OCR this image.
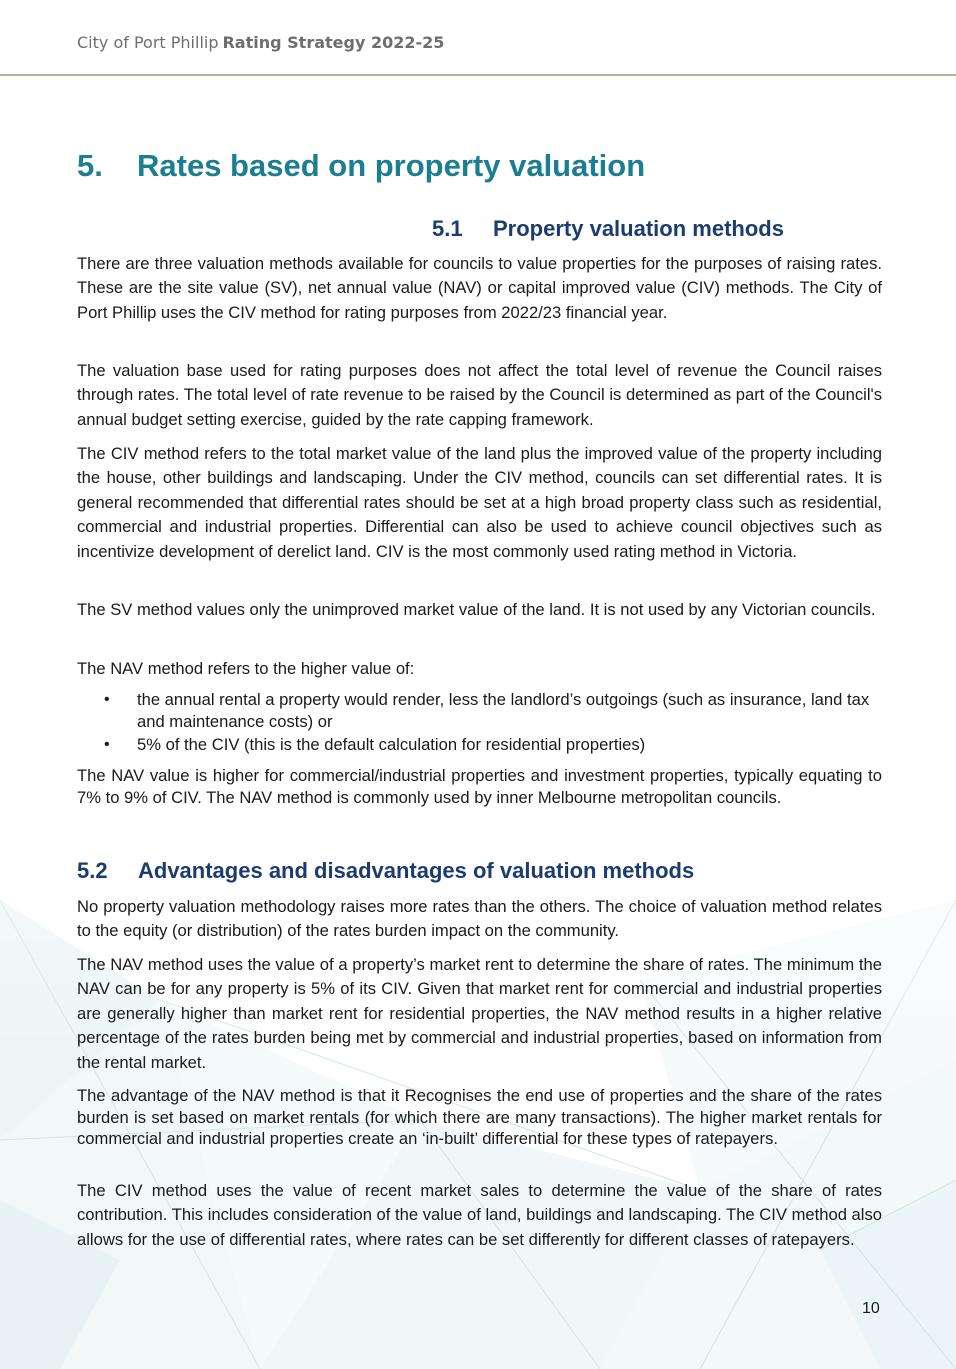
City of Port Phillip Rating Strategy 2022-25
5. Rates based on property valuation
5.1 Property valuation methods

There are three valuation methods available for councils to value properties for the purposes of raising rates. These are the site value (SV), net annual value (NAV) or capital improved value (CIV) methods. The City of Port Phillip uses the CIV method for rating purposes from 2022/23 financial year.

The valuation base used for rating purposes does not affect the total level of revenue the Council raises through rates. The total level of rate revenue to be raised by the Council is determined as part of the Council's annual budget setting exercise, guided by the rate capping framework.

The CIV method refers to the total market value of the land plus the improved value of the property including the house, other buildings and landscaping. Under the CIV method, councils can set differential rates. It is general recommended that differential rates should be set at a high broad property class such as residential, commercial and industrial properties. Differential can also be used to achieve council objectives such as incentivize development of derelict land. CIV is the most commonly used rating method in Victoria.

The SV method values only the unimproved market value of the land. It is not used by any Victorian councils.

The NAV method refers to the higher value of:

• the annual rental a property would render, less the landlord’s outgoings (such as insurance, land tax and maintenance costs) or
• 5% of the CIV (this is the default calculation for residential properties)

The NAV value is higher for commercial/industrial properties and investment properties, typically equating to 7% to 9% of CIV. The NAV method is commonly used by inner Melbourne metropolitan councils.

5.2 Advantages and disadvantages of valuation methods

No property valuation methodology raises more rates than the others. The choice of valuation method relates to the equity (or distribution) of the rates burden impact on the community.

The NAV method uses the value of a property’s market rent to determine the share of rates. The minimum the NAV can be for any property is 5% of its CIV. Given that market rent for commercial and industrial properties are generally higher than market rent for residential properties, the NAV method results in a higher relative percentage of the rates burden being met by commercial and industrial properties, based on information from the rental market.

The advantage of the NAV method is that it Recognises the end use of properties and the share of the rates burden is set based on market rentals (for which there are many transactions). The higher market rentals for commercial and industrial properties create an ‘in-built’ differential for these types of ratepayers.

The CIV method uses the value of recent market sales to determine the value of the share of rates contribution. This includes consideration of the value of land, buildings and landscaping. The CIV method also allows for the use of differential rates, where rates can be set differently for different classes of ratepayers.

10
